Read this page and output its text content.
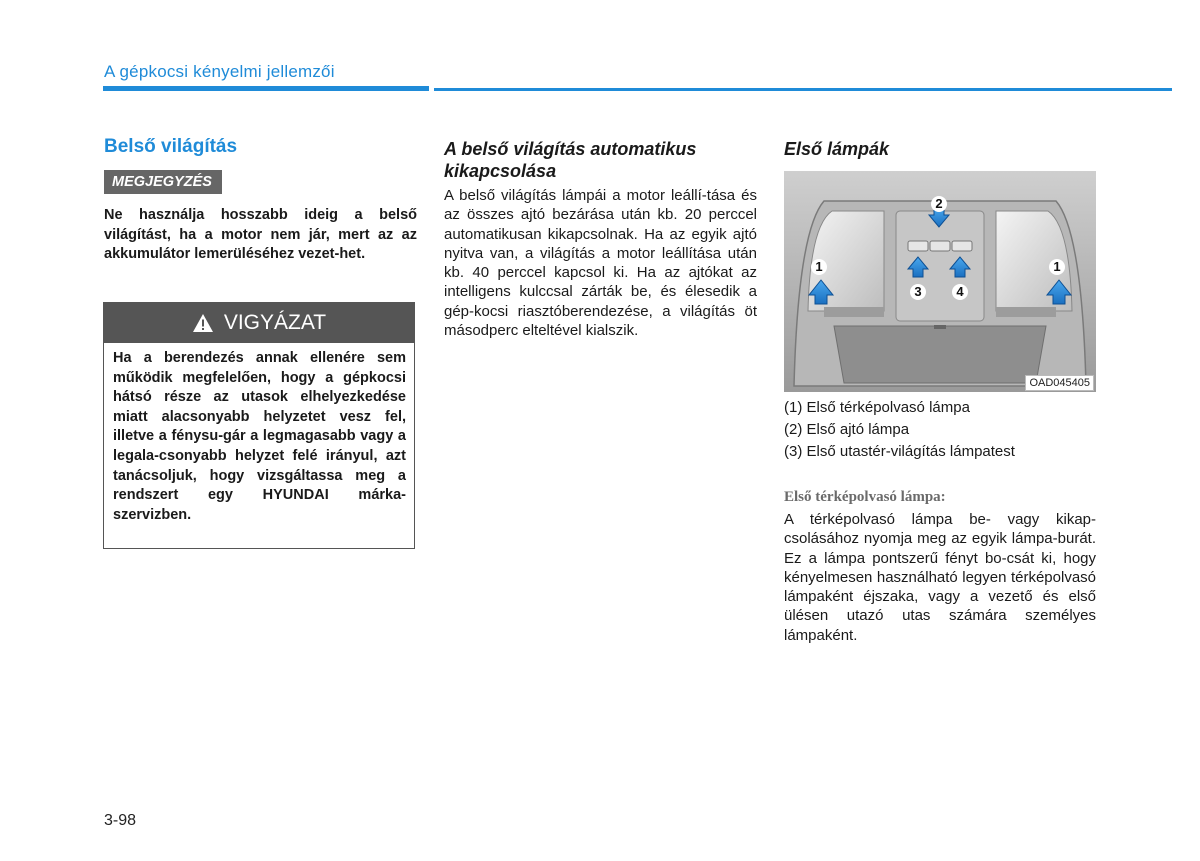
A gépkocsi kényelmi jellemzői
Belső világítás
MEGJEGYZÉS
Ne használja hosszabb ideig a belső világítást, ha a motor nem jár, mert az az akkumulátor lemerüléséhez vezet-het.
VIGYÁZAT
Ha a berendezés annak ellenére sem működik megfelelően, hogy a gépkocsi hátsó része az utasok elhelyezkedése miatt alacsonyabb helyzetet vesz fel, illetve a fénysu-gár a legmagasabb vagy a legala-csonyabb helyzet felé irányul, azt tanácsoljuk, hogy vizsgáltassa meg a rendszert egy HYUNDAI márka-szervizben.
A belső világítás automatikus kikapcsolása
A belső világítás lámpái a motor leállí-tása és az összes ajtó bezárása után kb. 20 perccel automatikusan kikapcsolnak. Ha az egyik ajtó nyitva van, a világítás a motor leállítása után kb. 40 perccel kapcsol ki. Ha az ajtókat az intelligens kulccsal zárták be, és élesedik a gép-kocsi riasztóberendezése, a világítás öt másodperc elteltével kialszik.
Első lámpák
1
2
3	4
1
OAD045405
(1) Első térképolvasó lámpa
(2) Első ajtó lámpa
(3) Első utastér-világítás lámpatest
Első térképolvasó lámpa:
A térképolvasó lámpa be- vagy kikap-csolásához nyomja meg az egyik lámpa-burát. Ez a lámpa pontszerű fényt bo-csát ki, hogy kényelmesen használható legyen térképolvasó lámpaként éjszaka, vagy a vezető és első ülésen utazó utas számára személyes lámpaként.
3-98
